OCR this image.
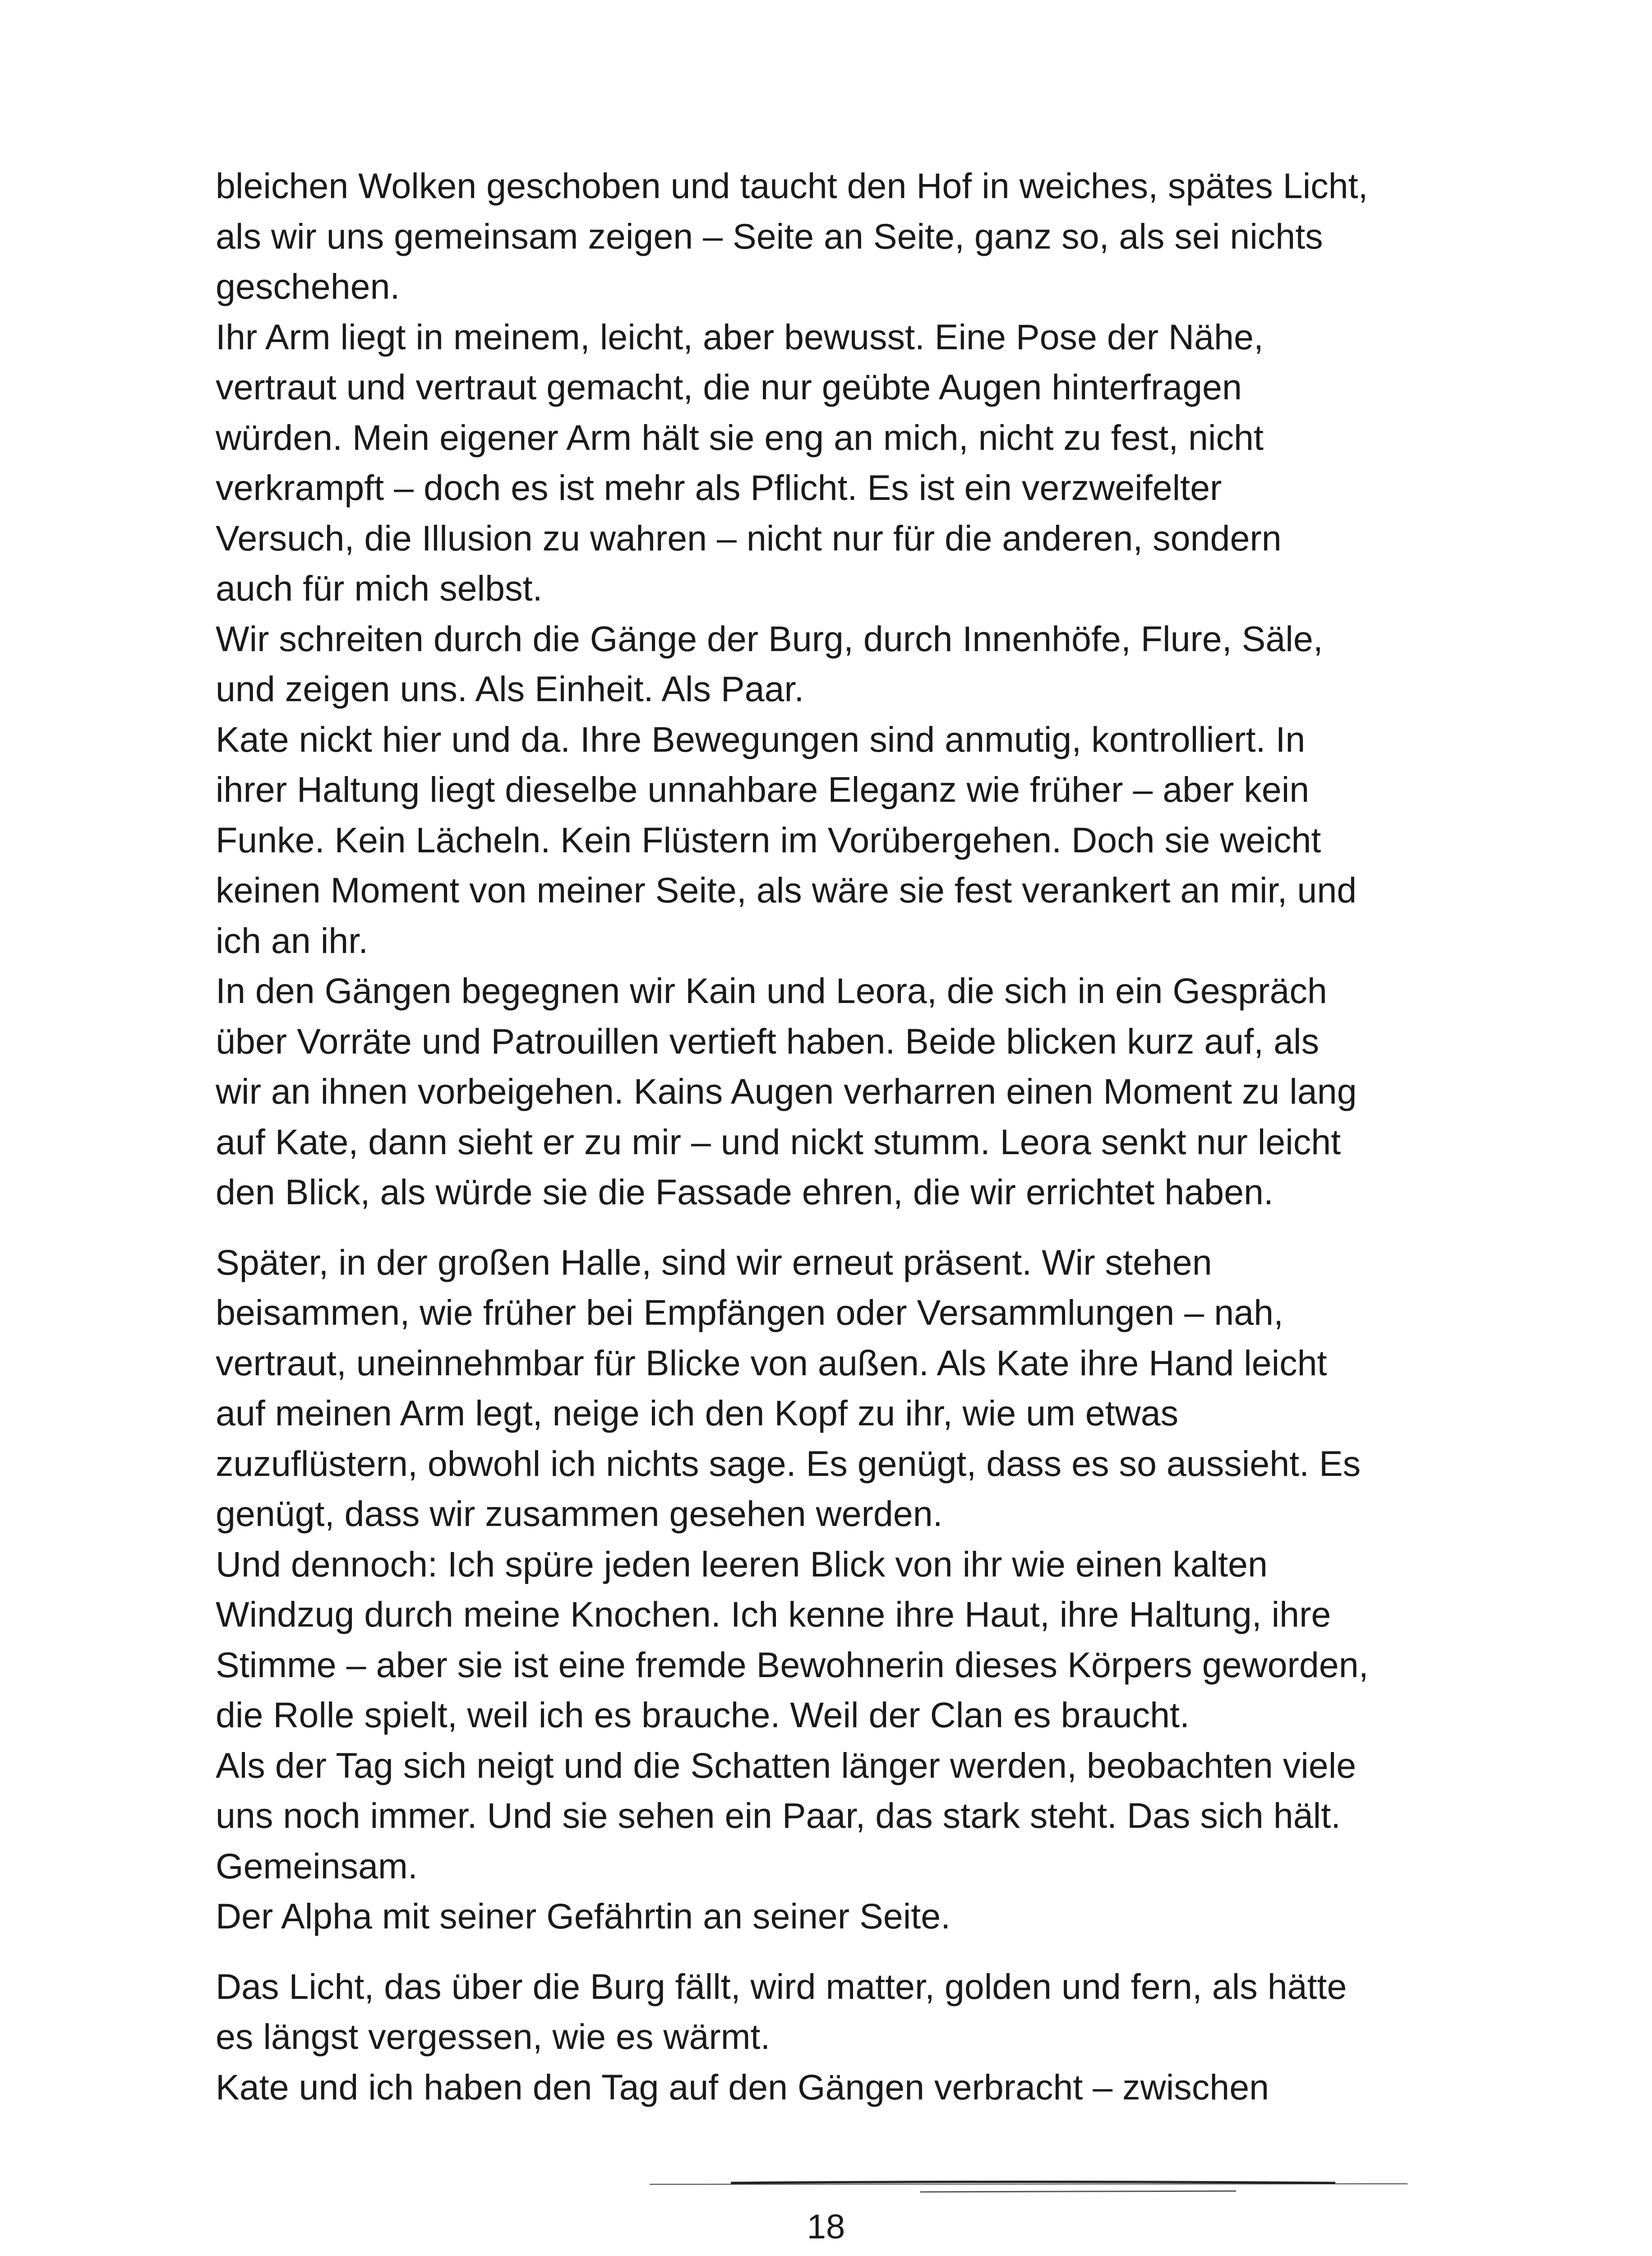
bleichen Wolken geschoben und taucht den Hof in weiches, spätes Licht,
als wir uns gemeinsam zeigen – Seite an Seite, ganz so, als sei nichts
geschehen.

Ihr Arm liegt in meinem, leicht, aber bewusst. Eine Pose der Nähe,
vertraut und vertraut gemacht, die nur geübte Augen hinterfragen
würden. Mein eigener Arm hält sie eng an mich, nicht zu fest, nicht
verkrampft – doch es ist mehr als Pflicht. Es ist ein verzweifelter
Versuch, die Illusion zu wahren – nicht nur für die anderen, sondern
auch für mich selbst.

Wir schreiten durch die Gänge der Burg, durch Innenhöfe, Flure, Säle,
und zeigen uns. Als Einheit. Als Paar.

Kate nickt hier und da. Ihre Bewegungen sind anmutig, kontrolliert. In
ihrer Haltung liegt dieselbe unnahbare Eleganz wie früher – aber kein
Funke. Kein Lächeln. Kein Flüstern im Vorübergehen. Doch sie weicht
keinen Moment von meiner Seite, als wäre sie fest verankert an mir, und
ich an ihr.

In den Gängen begegnen wir Kain und Leora, die sich in ein Gespräch
über Vorräte und Patrouillen vertieft haben. Beide blicken kurz auf, als
wir an ihnen vorbeigehen. Kains Augen verharren einen Moment zu lang
auf Kate, dann sieht er zu mir – und nickt stumm. Leora senkt nur leicht
den Blick, als würde sie die Fassade ehren, die wir errichtet haben.

Später, in der großen Halle, sind wir erneut präsent. Wir stehen
beisammen, wie früher bei Empfängen oder Versammlungen – nah,
vertraut, uneinnehmbar für Blicke von außen. Als Kate ihre Hand leicht
auf meinen Arm legt, neige ich den Kopf zu ihr, wie um etwas
zuzuflüstern, obwohl ich nichts sage. Es genügt, dass es so aussieht. Es
genügt, dass wir zusammen gesehen werden.

Und dennoch: Ich spüre jeden leeren Blick von ihr wie einen kalten
Windzug durch meine Knochen. Ich kenne ihre Haut, ihre Haltung, ihre
Stimme – aber sie ist eine fremde Bewohnerin dieses Körpers geworden,
die Rolle spielt, weil ich es brauche. Weil der Clan es braucht.

Als der Tag sich neigt und die Schatten länger werden, beobachten viele
uns noch immer. Und sie sehen ein Paar, das stark steht. Das sich hält.
Gemeinsam.

Der Alpha mit seiner Gefährtin an seiner Seite.

Das Licht, das über die Burg fällt, wird matter, golden und fern, als hätte
es längst vergessen, wie es wärmt.

Kate und ich haben den Tag auf den Gängen verbracht – zwischen

18
